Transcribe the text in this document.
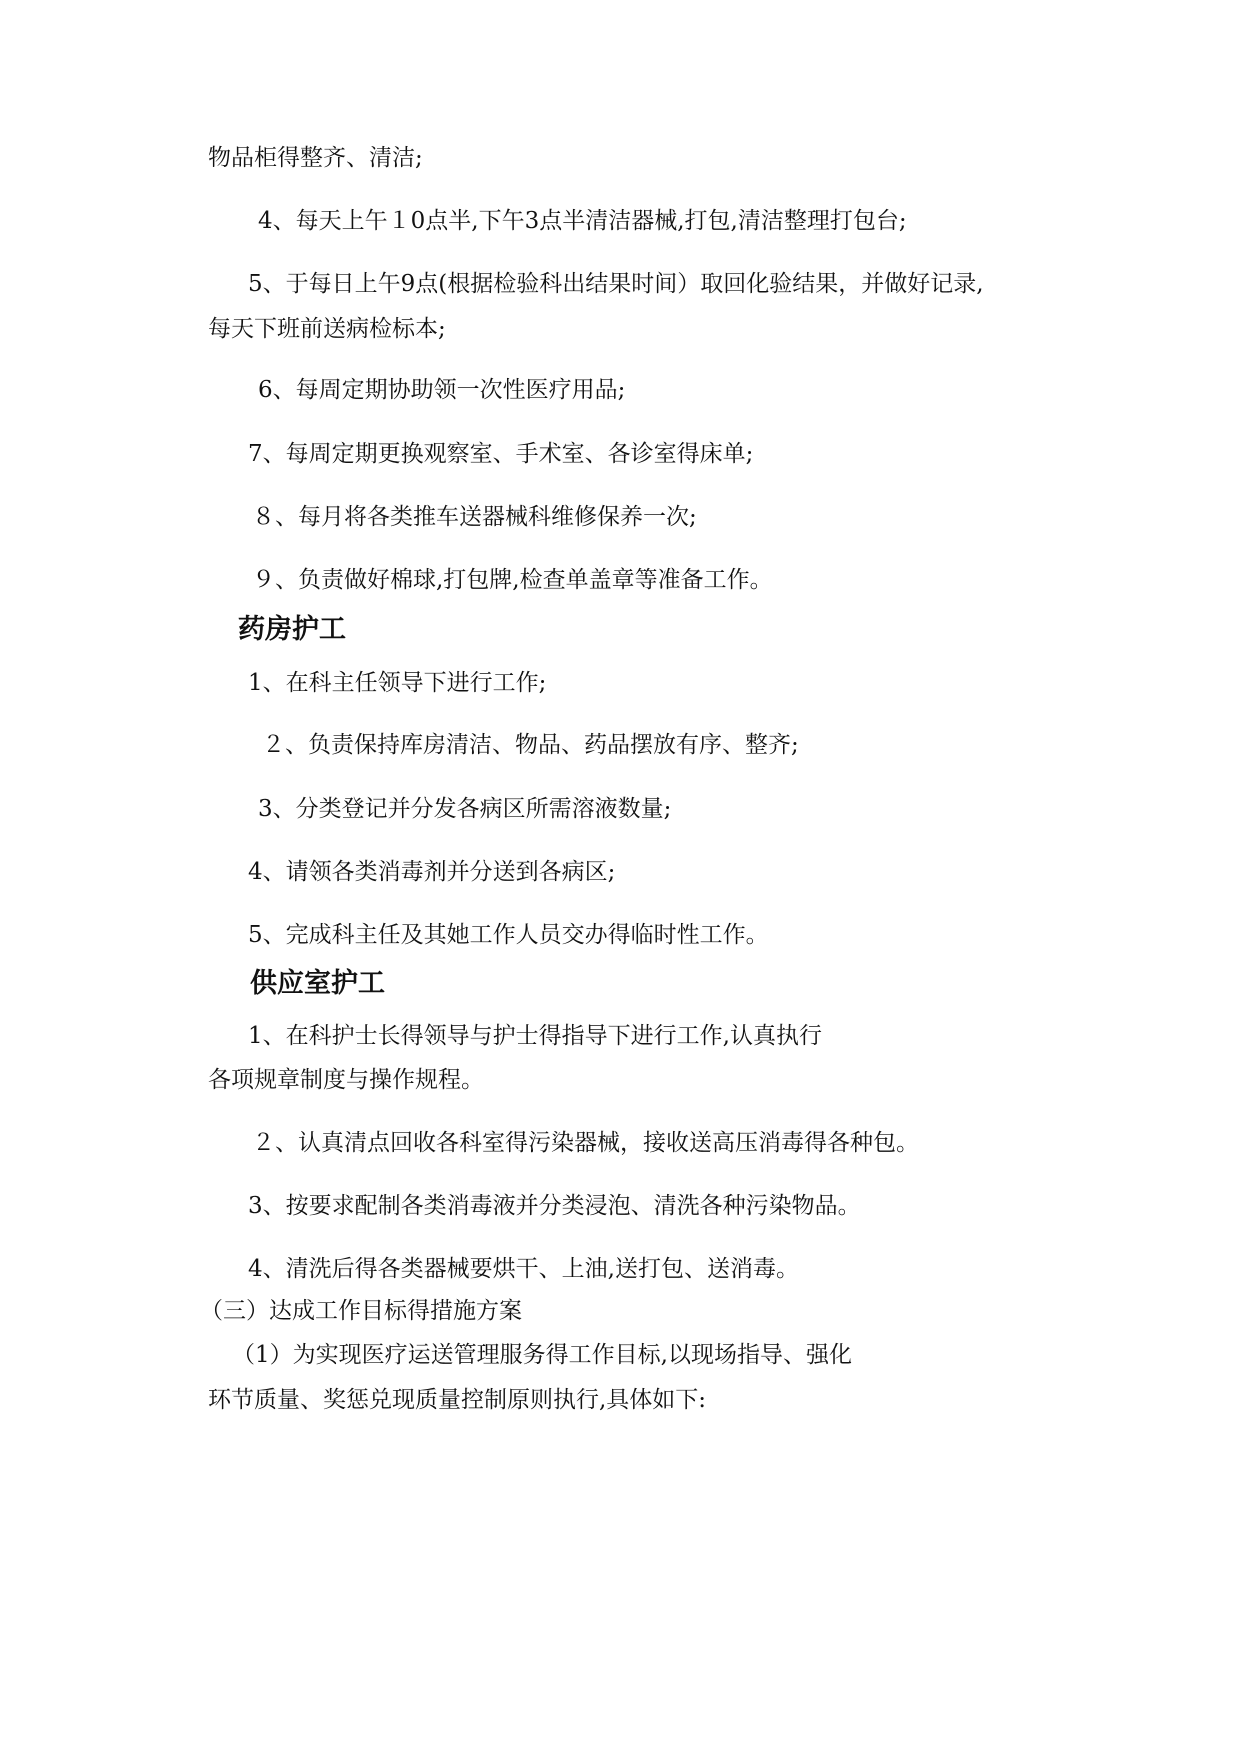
物品柜得整齐、清洁;
4、每天上午１0点半,下午3点半清洁器械,打包,清洁整理打包台;
5、于每日上午9点(根据检验科出结果时间）取回化验结果，并做好记录,
每天下班前送病检标本;
6、每周定期协助领一次性医疗用品;
7、每周定期更换观察室、手术室、各诊室得床单;
８、每月将各类推车送器械科维修保养一次;
９、负责做好棉球,打包牌,检查单盖章等准备工作。
药房护工
1、在科主任领导下进行工作;
２、负责保持库房清洁、物品、药品摆放有序、整齐;
3、分类登记并分发各病区所需溶液数量;
4、请领各类消毒剂并分送到各病区;
5、完成科主任及其她工作人员交办得临时性工作。
供应室护工
1、在科护士长得领导与护士得指导下进行工作,认真执行
各项规章制度与操作规程。
２、认真清点回收各科室得污染器械，接收送高压消毒得各种包。
3、按要求配制各类消毒液并分类浸泡、清洗各种污染物品。
4、清洗后得各类器械要烘干、上油,送打包、送消毒。
（三）达成工作目标得措施方案
（1）为实现医疗运送管理服务得工作目标,以现场指导、强化
环节质量、奖惩兑现质量控制原则执行,具体如下:
